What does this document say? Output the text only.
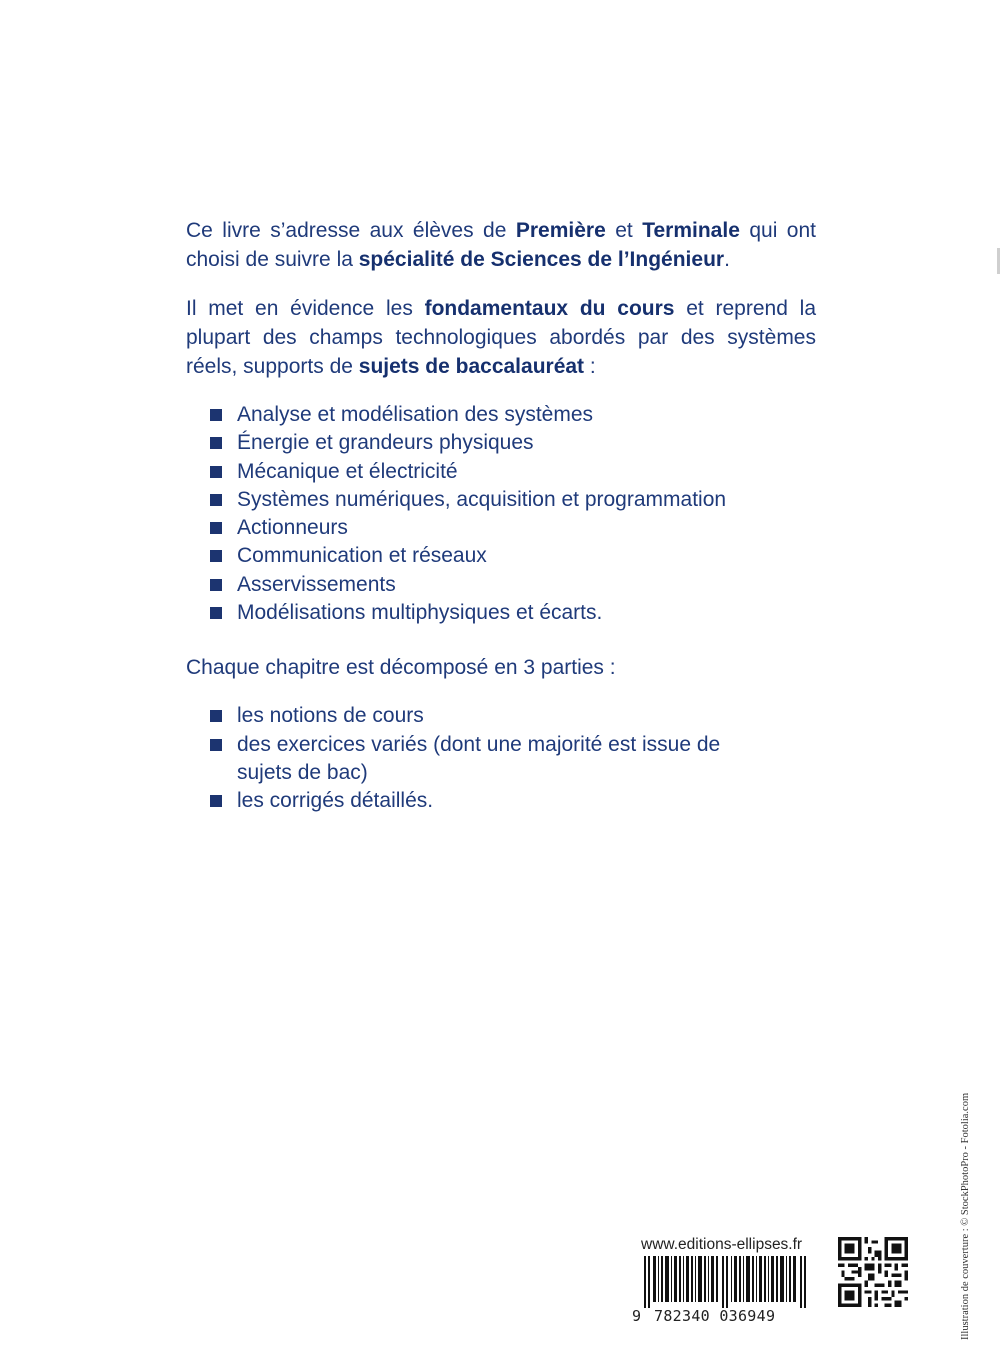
Ce livre s’adresse aux élèves de Première et Terminale qui ont choisi de suivre la spécialité de Sciences de l’Ingénieur.

Il met en évidence les fondamentaux du cours et reprend la plupart des champs technologiques abordés par des systèmes réels, supports de sujets de baccalauréat :

Analyse et modélisation des systèmes
Énergie et grandeurs physiques
Mécanique et électricité
Systèmes numériques, acquisition et programmation
Actionneurs
Communication et réseaux
Asservissements
Modélisations multiphysiques et écarts.

Chaque chapitre est décomposé en 3 parties :

les notions de cours
des exercices variés (dont une majorité est issue de sujets de bac)
les corrigés détaillés.
www.editions-ellipses.fr
9 782340 036949	Illustration de couverture : © StockPhotoPro - Fotolia.com
